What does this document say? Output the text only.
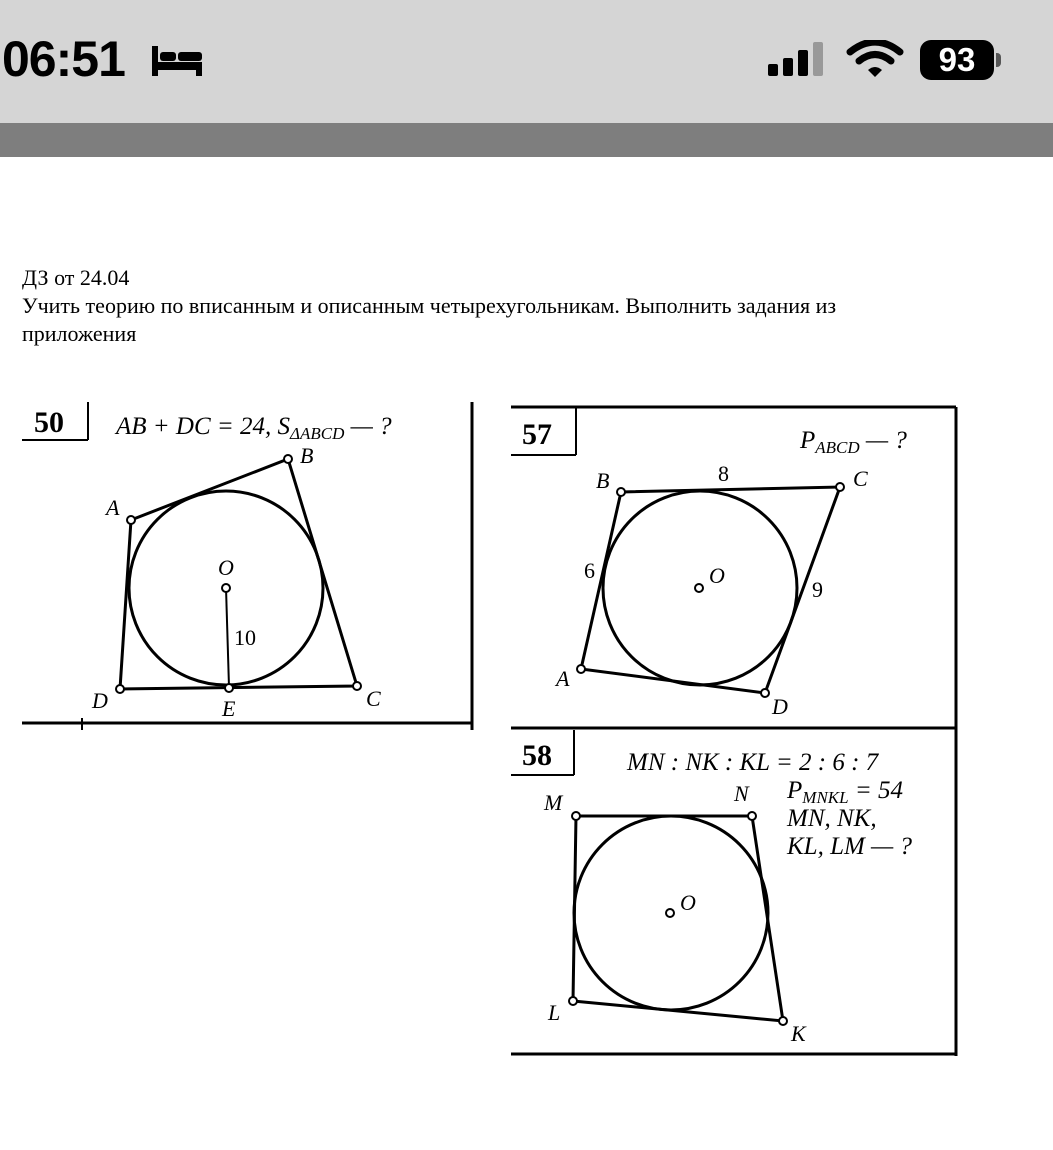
06:51	93
ДЗ от 24.04
Учить теорию по вписанным и описанным четырехугольникам. Выполнить задания из
приложения
50 AB + DC = 24, $S_{\Delta ABCD}$ — ?
A
B
C
D	E
O
10
57	$P_{ABCD}$ — ?
A
B	C
D
O
8
6
9
58	MN : NK : KL = 2 : 6 : 7
$P_{MNKL} = 54$
MN, NK,
KL, LM — ?
M	N
K
L
O
